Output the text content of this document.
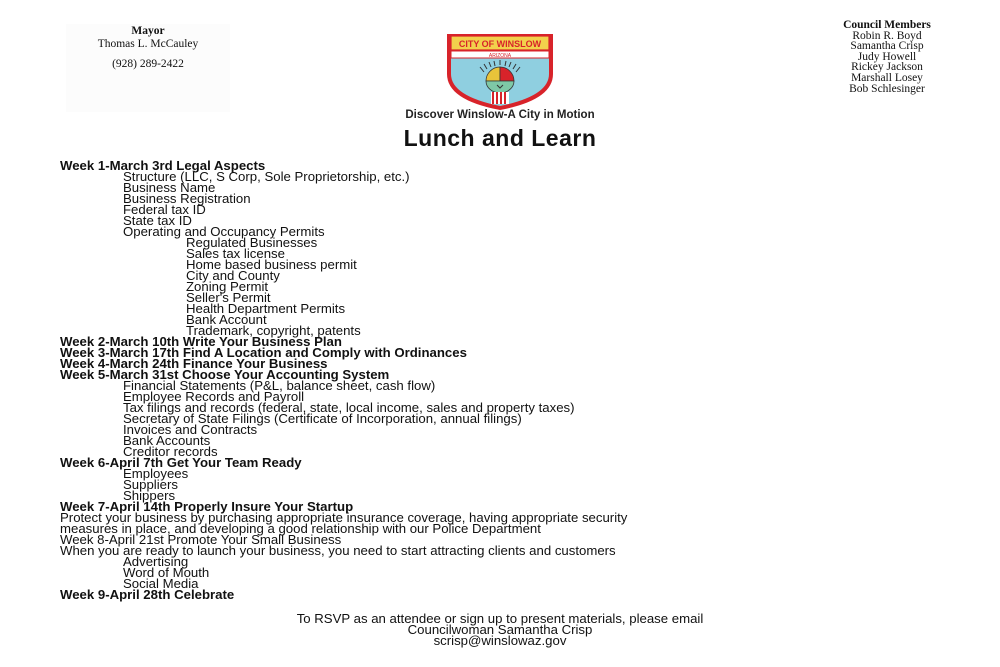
Mayor
Thomas L. McCauley
(928) 289-2422
CITY OF WINSLOW
ARIZONA
Council Members
Robin R. Boyd
Samantha Crisp
Judy Howell
Rickey Jackson
Marshall Losey
Bob Schlesinger
Discover Winslow-A City in Motion
Lunch and Learn
Week 1-March 3rd Legal Aspects
Structure (LLC, S Corp, Sole Proprietorship, etc.)
Business Name
Business Registration
Federal tax ID
State tax ID
Operating and Occupancy Permits
Regulated Businesses
Sales tax license
Home based business permit
City and County
Zoning Permit
Seller's Permit
Health Department Permits
Bank Account
Trademark, copyright, patents
Week 2-March 10th Write Your Business Plan
Week 3-March 17th Find A Location and Comply with Ordinances
Week 4-March 24th Finance Your Business
Week 5-March 31st Choose Your Accounting System
Financial Statements (P&L, balance sheet, cash flow)
Employee Records and Payroll
Tax filings and records (federal, state, local income, sales and property taxes)
Secretary of State Filings (Certificate of Incorporation, annual filings)
Invoices and Contracts
Bank Accounts
Creditor records
Week 6-April 7th Get Your Team Ready
Employees
Suppliers
Shippers
Week 7-April 14th Properly Insure Your Startup
Protect your business by purchasing appropriate insurance coverage, having appropriate security
measures in place, and developing a good relationship with our Police Department
Week 8-April 21st Promote Your Small Business
When you are ready to launch your business, you need to start attracting clients and customers
Advertising
Word of Mouth
Social Media
Week 9-April 28th Celebrate
To RSVP as an attendee or sign up to present materials, please email
Councilwoman Samantha Crisp
scrisp@winslowaz.gov
